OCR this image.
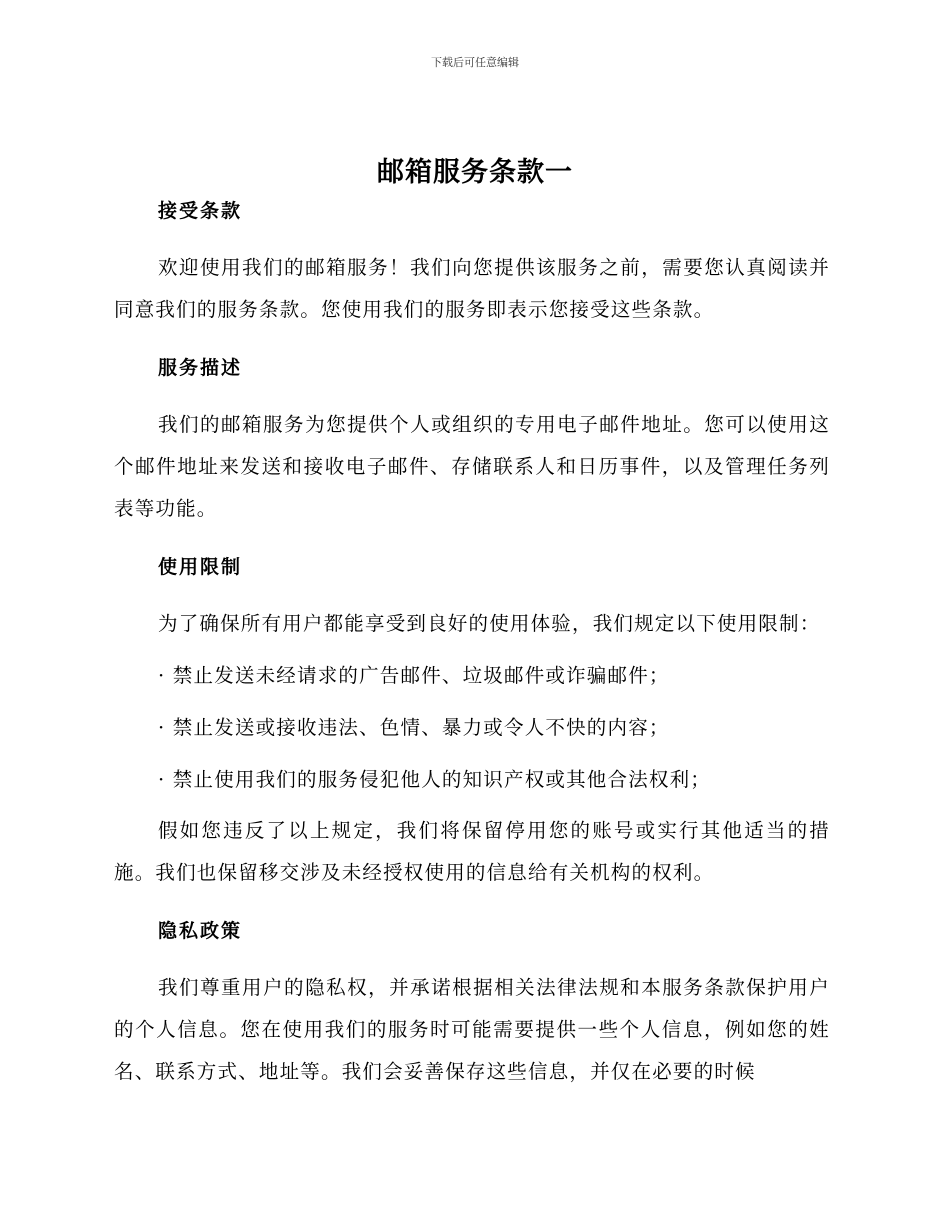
下载后可任意编辑
邮箱服务条款一
接受条款

欢迎使用我们的邮箱服务！我们向您提供该服务之前，需要您认真阅读并同意我们的服务条款。您使用我们的服务即表示您接受这些条款。

服务描述

我们的邮箱服务为您提供个人或组织的专用电子邮件地址。您可以使用这个邮件地址来发送和接收电子邮件、存储联系人和日历事件，以及管理任务列表等功能。

使用限制

为了确保所有用户都能享受到良好的使用体验，我们规定以下使用限制：

· 禁止发送未经请求的广告邮件、垃圾邮件或诈骗邮件；
· 禁止发送或接收违法、色情、暴力或令人不快的内容；
· 禁止使用我们的服务侵犯他人的知识产权或其他合法权利；

假如您违反了以上规定，我们将保留停用您的账号或实行其他适当的措施。我们也保留移交涉及未经授权使用的信息给有关机构的权利。

隐私政策

我们尊重用户的隐私权，并承诺根据相关法律法规和本服务条款保护用户的个人信息。您在使用我们的服务时可能需要提供一些个人信息，例如您的姓名、联系方式、地址等。我们会妥善保存这些信息，并仅在必要的时候
